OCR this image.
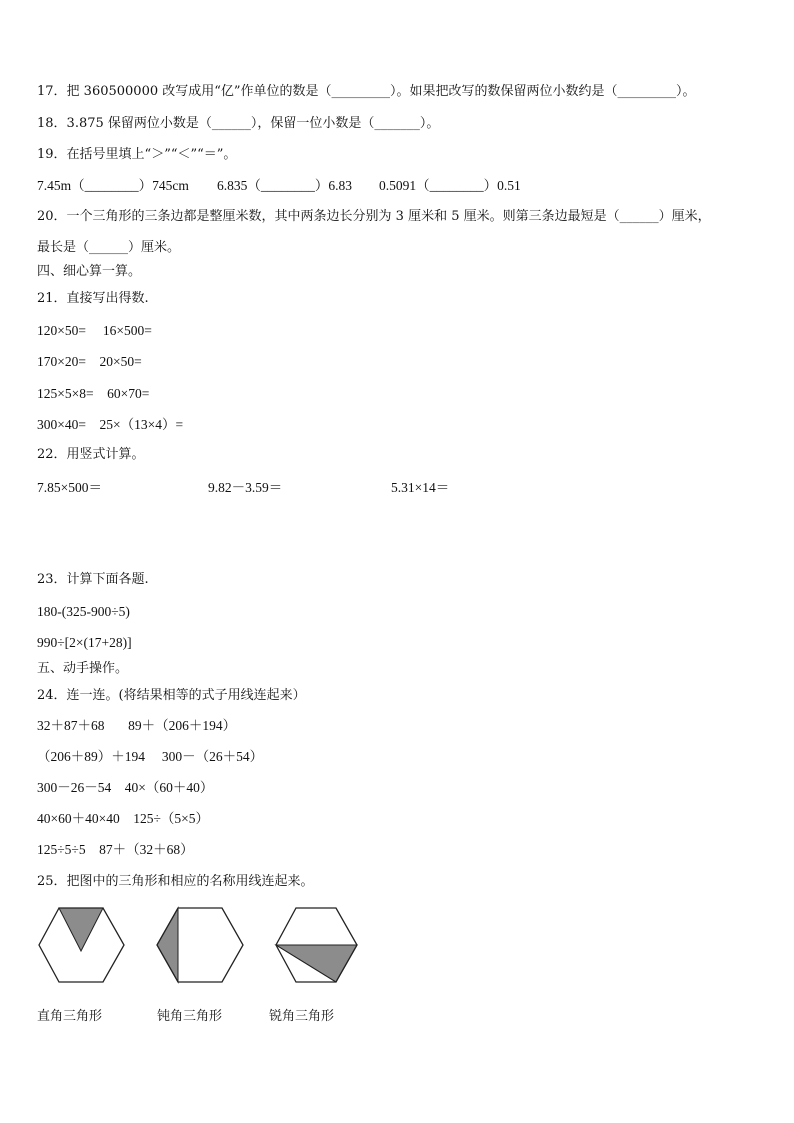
17．把 360500000 改写成用“亿”作单位的数是（_________）。如果把改写的数保留两位小数约是（_________）。
18．3.875 保留两位小数是（______），保留一位小数是（_______）。
19．在括号里填上“＞”“＜”“＝”。
7.45m（________）745cm 6.835（________）6.83 0.5091（________）0.51
20．一个三角形的三条边都是整厘米数，其中两条边长分别为 3 厘米和 5 厘米。则第三条边最短是（______）厘米，
最长是（______）厘米。
四、细心算一算。
21．直接写出得数.
120×50=     16×500=
170×20=    20×50=
125×5×8=    60×70=
300×40=    25×（13×4）=
22．用竖式计算。
7.85×500＝	9.82－3.59＝	5.31×14＝
23．计算下面各题.
180-(325-900÷5)
990÷[2×(17+28)]
五、动手操作。
24．连一连。(将结果相等的式子用线连起来）
32＋87＋68       89＋（206＋194）
（206＋89）＋194     300－（26＋54）
300－26－54    40×（60＋40）
40×60＋40×40    125÷（5×5）
125÷5÷5    87＋（32＋68）
25．把图中的三角形和相应的名称用线连起来。
直角三角形	钝角三角形	锐角三角形
